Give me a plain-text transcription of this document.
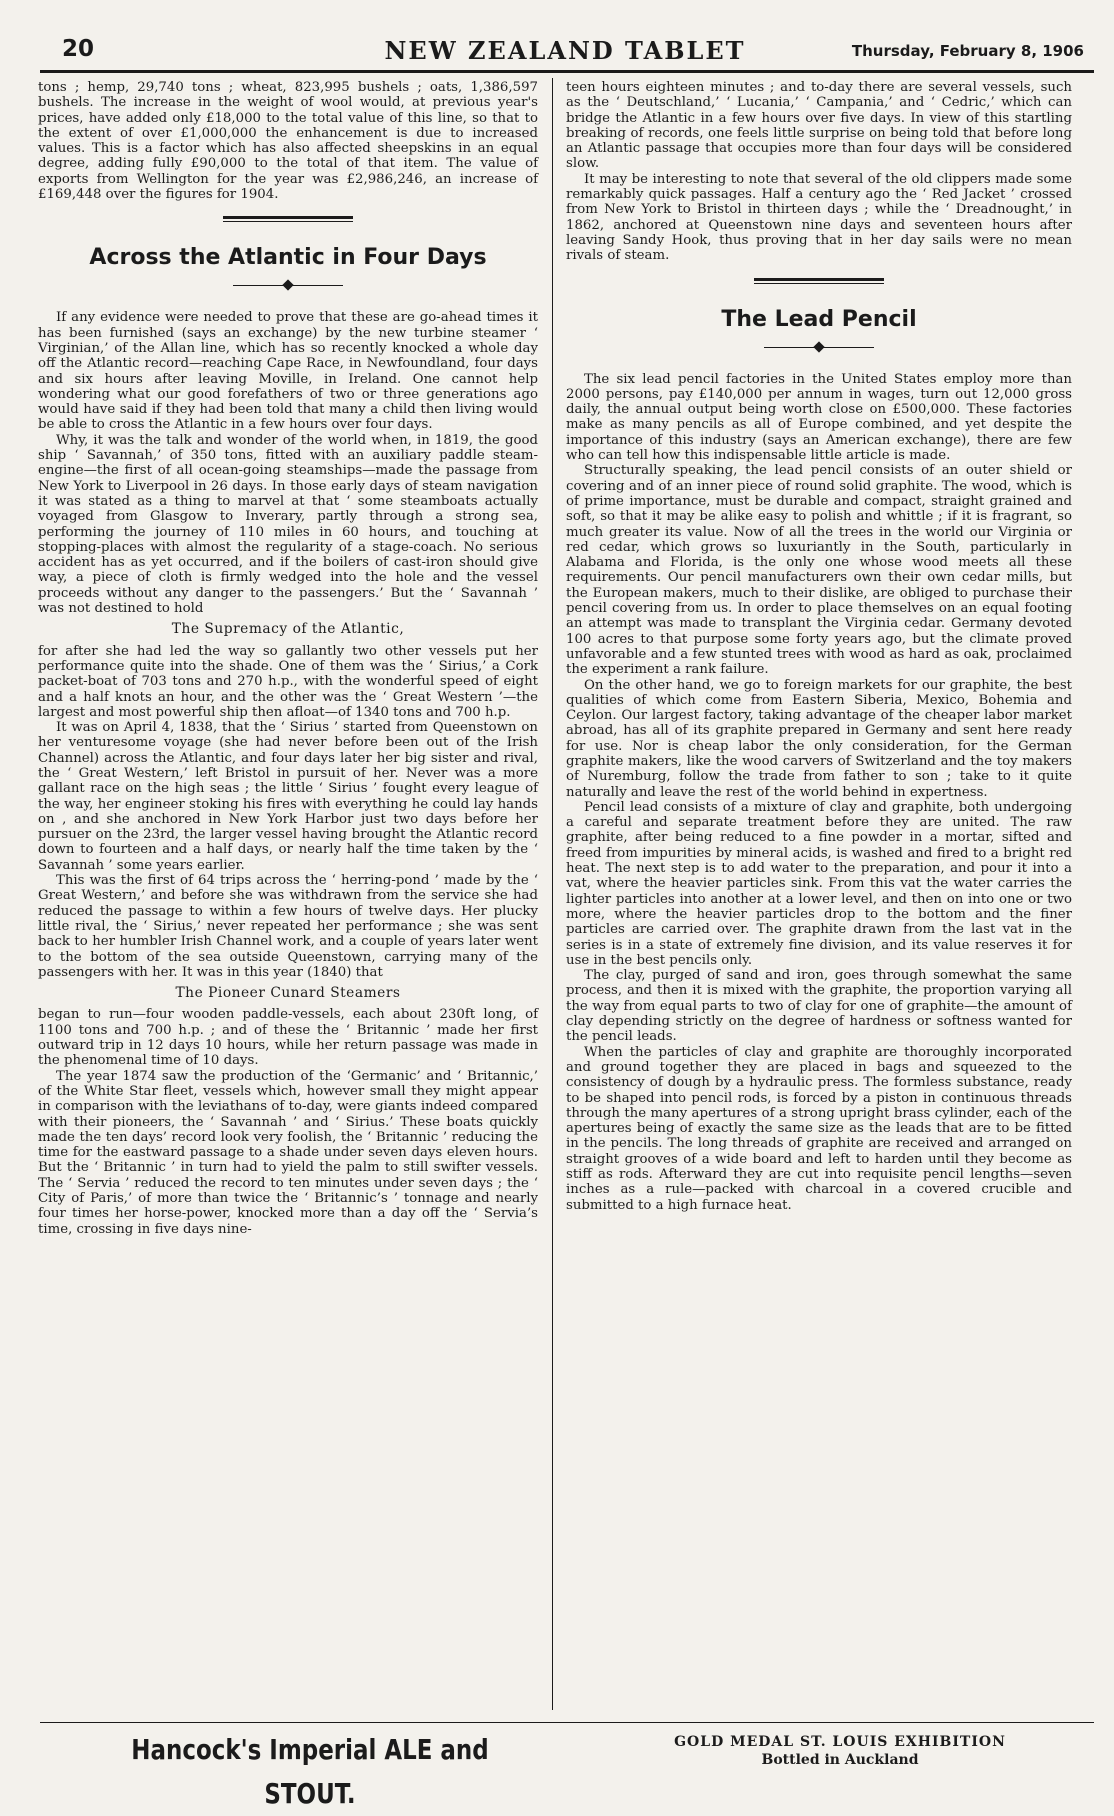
20	NEW ZEALAND TABLET	Thursday, February 8, 1906

tons ; hemp, 29,740 tons ; wheat, 823,995 bushels ; oats, 1,386,597 bushels. The increase in the weight of wool would, at previous year's prices, have added only £18,000 to the total value of this line, so that to the extent of over £1,000,000 the enhancement is due to increased values. This is a factor which has also affected sheepskins in an equal degree, adding fully £90,000 to the total of that item. The value of exports from Wellington for the year was £2,986,246, an increase of £169,448 over the figures for 1904.

Across the Atlantic in Four Days

If any evidence were needed to prove that these are go-ahead times it has been furnished (says an exchange) by the new turbine steamer ‘ Virginian,’ of the Allan line, which has so recently knocked a whole day off the Atlantic record—reaching Cape Race, in Newfoundland, four days and six hours after leaving Moville, in Ireland. One cannot help wondering what our good forefathers of two or three generations ago would have said if they had been told that many a child then living would be able to cross the Atlantic in a few hours over four days.

Why, it was the talk and wonder of the world when, in 1819, the good ship ‘ Savannah,’ of 350 tons, fitted with an auxiliary paddle steam-engine—the first of all ocean-going steamships—made the passage from New York to Liverpool in 26 days. In those early days of steam navigation it was stated as a thing to marvel at that ‘ some steamboats actually voyaged from Glasgow to Inverary, partly through a strong sea, performing the journey of 110 miles in 60 hours, and touching at stopping-places with almost the regularity of a stage-coach. No serious accident has as yet occurred, and if the boilers of cast-iron should give way, a piece of cloth is firmly wedged into the hole and the vessel proceeds without any danger to the passengers.’ But the ‘ Savannah ’ was not destined to hold

The Supremacy of the Atlantic,

for after she had led the way so gallantly two other vessels put her performance quite into the shade. One of them was the ‘ Sirius,’ a Cork packet-boat of 703 tons and 270 h.p., with the wonderful speed of eight and a half knots an hour, and the other was the ‘ Great Western ’—the largest and most powerful ship then afloat—of 1340 tons and 700 h.p.

It was on April 4, 1838, that the ‘ Sirius ’ started from Queenstown on her venturesome voyage (she had never before been out of the Irish Channel) across the Atlantic, and four days later her big sister and rival, the ‘ Great Western,’ left Bristol in pursuit of her. Never was a more gallant race on the high seas ; the little ‘ Sirius ’ fought every league of the way, her engineer stoking his fires with everything he could lay hands on , and she anchored in New York Harbor just two days before her pursuer on the 23rd, the larger vessel having brought the Atlantic record down to fourteen and a half days, or nearly half the time taken by the ‘ Savannah ’ some years earlier.

This was the first of 64 trips across the ‘ herring-pond ’ made by the ‘ Great Western,’ and before she was withdrawn from the service she had reduced the passage to within a few hours of twelve days. Her plucky little rival, the ‘ Sirius,’ never repeated her performance ; she was sent back to her humbler Irish Channel work, and a couple of years later went to the bottom of the sea outside Queenstown, carrying many of the passengers with her. It was in this year (1840) that

The Pioneer Cunard Steamers

began to run—four wooden paddle-vessels, each about 230ft long, of 1100 tons and 700 h.p. ; and of these the ‘ Britannic ’ made her first outward trip in 12 days 10 hours, while her return passage was made in the phenomenal time of 10 days.

The year 1874 saw the production of the ‘Germanic’ and ‘ Britannic,’ of the White Star fleet, vessels which, however small they might appear in comparison with the leviathans of to-day, were giants indeed compared with their pioneers, the ‘ Savannah ’ and ‘ Sirius.’ These boats quickly made the ten days’ record look very foolish, the ‘ Britannic ’ reducing the time for the eastward passage to a shade under seven days eleven hours. But the ‘ Britannic ’ in turn had to yield the palm to still swifter vessels. The ‘ Servia ’ reduced the record to ten minutes under seven days ; the ‘ City of Paris,’ of more than twice the ‘ Britannic’s ’ tonnage and nearly four times her horse-power, knocked more than a day off the ‘ Servia’s time, crossing in five days nine-

teen hours eighteen minutes ; and to-day there are several vessels, such as the ‘ Deutschland,’ ‘ Lucania,’ ‘ Campania,’ and ‘ Cedric,’ which can bridge the Atlantic in a few hours over five days. In view of this startling breaking of records, one feels little surprise on being told that before long an Atlantic passage that occupies more than four days will be considered slow.

It may be interesting to note that several of the old clippers made some remarkably quick passages. Half a century ago the ‘ Red Jacket ’ crossed from New York to Bristol in thirteen days ; while the ‘ Dreadnought,’ in 1862, anchored at Queenstown nine days and seventeen hours after leaving Sandy Hook, thus proving that in her day sails were no mean rivals of steam.

The Lead Pencil

The six lead pencil factories in the United States employ more than 2000 persons, pay £140,000 per annum in wages, turn out 12,000 gross daily, the annual output being worth close on £500,000. These factories make as many pencils as all of Europe combined, and yet despite the importance of this industry (says an American exchange), there are few who can tell how this indispensable little article is made.

Structurally speaking, the lead pencil consists of an outer shield or covering and of an inner piece of round solid graphite. The wood, which is of prime importance, must be durable and compact, straight grained and soft, so that it may be alike easy to polish and whittle ; if it is fragrant, so much greater its value. Now of all the trees in the world our Virginia or red cedar, which grows so luxuriantly in the South, particularly in Alabama and Florida, is the only one whose wood meets all these requirements. Our pencil manufacturers own their own cedar mills, but the European makers, much to their dislike, are obliged to purchase their pencil covering from us. In order to place themselves on an equal footing an attempt was made to transplant the Virginia cedar. Germany devoted 100 acres to that purpose some forty years ago, but the climate proved unfavorable and a few stunted trees with wood as hard as oak, proclaimed the experiment a rank failure.

On the other hand, we go to foreign markets for our graphite, the best qualities of which come from Eastern Siberia, Mexico, Bohemia and Ceylon. Our largest factory, taking advantage of the cheaper labor market abroad, has all of its graphite prepared in Germany and sent here ready for use. Nor is cheap labor the only consideration, for the German graphite makers, like the wood carvers of Switzerland and the toy makers of Nuremburg, follow the trade from father to son ; take to it quite naturally and leave the rest of the world behind in expertness.

Pencil lead consists of a mixture of clay and graphite, both undergoing a careful and separate treatment before they are united. The raw graphite, after being reduced to a fine powder in a mortar, sifted and freed from impurities by mineral acids, is washed and fired to a bright red heat. The next step is to add water to the preparation, and pour it into a vat, where the heavier particles sink. From this vat the water carries the lighter particles into another at a lower level, and then on into one or two more, where the heavier particles drop to the bottom and the finer particles are carried over. The graphite drawn from the last vat in the series is in a state of extremely fine division, and its value reserves it for use in the best pencils only.

The clay, purged of sand and iron, goes through somewhat the same process, and then it is mixed with the graphite, the proportion varying all the way from equal parts to two of clay for one of graphite—the amount of clay depending strictly on the degree of hardness or softness wanted for the pencil leads.

When the particles of clay and graphite are thoroughly incorporated and ground together they are placed in bags and squeezed to the consistency of dough by a hydraulic press. The formless substance, ready to be shaped into pencil rods, is forced by a piston in continuous threads through the many apertures of a strong upright brass cylinder, each of the apertures being of exactly the same size as the leads that are to be fitted in the pencils. The long threads of graphite are received and arranged on straight grooves of a wide board and left to harden until they become as stiff as rods. Afterward they are cut into requisite pencil lengths—seven inches as a rule—packed with charcoal in a covered crucible and submitted to a high furnace heat.

Hancock's Imperial ALE and STOUT.
GOLD MEDAL ST. LOUIS EXHIBITION
Bottled in Auckland
